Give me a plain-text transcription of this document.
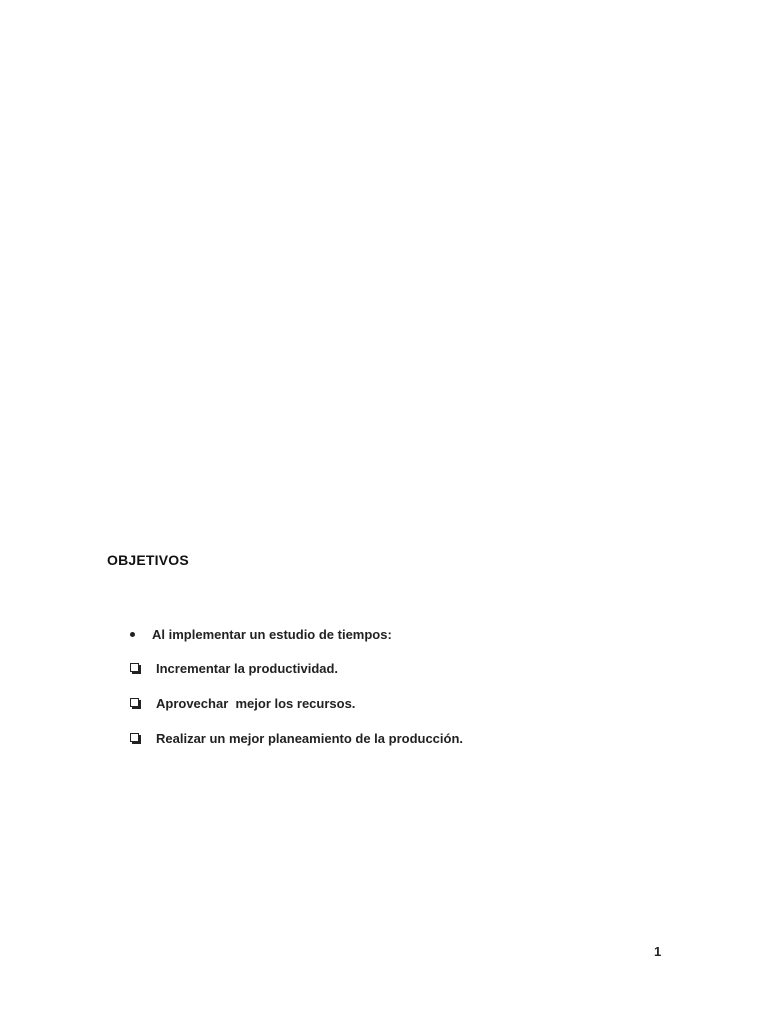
OBJETIVOS
Al implementar un estudio de tiempos:
Incrementar la productividad.
Aprovechar  mejor los recursos.
Realizar un mejor planeamiento de la producción.
1
